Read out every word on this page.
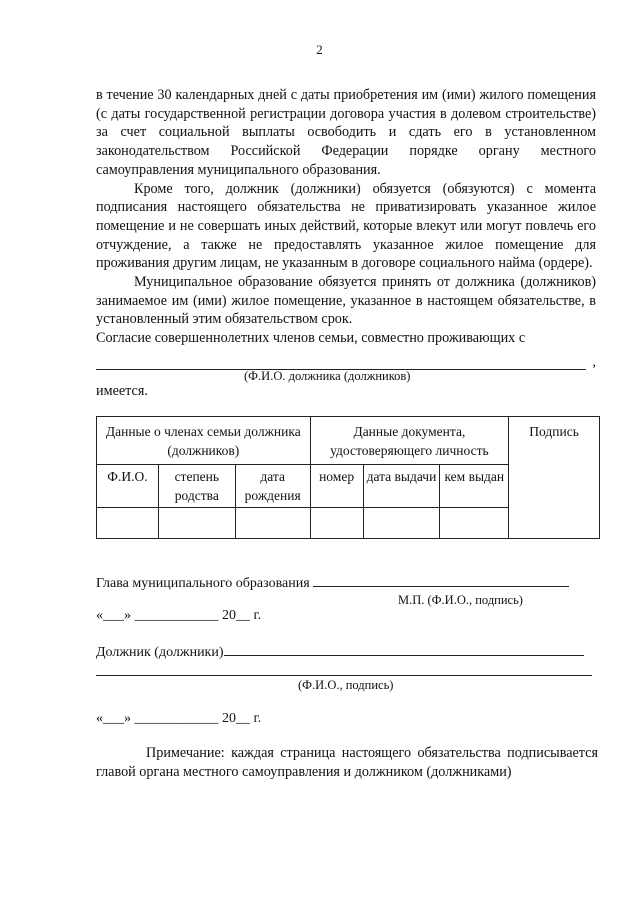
2

в течение 30 календарных дней с даты приобретения им (ими) жилого помещения (с даты государственной регистрации договора участия в долевом строительстве) за счет социальной выплаты освободить и сдать его в установленном законодательством Российской Федерации порядке органу местного самоуправления муниципального образования.

Кроме того, должник (должники) обязуется (обязуются) с момента подписания настоящего обязательства не приватизировать указанное жилое помещение и не совершать иных действий, которые влекут или могут повлечь его отчуждение, а также не предоставлять указанное жилое помещение для проживания другим лицам, не указанным в договоре социального найма (ордере).

Муниципальное образование обязуется принять от должника (должников) занимаемое им (ими) жилое помещение, указанное в настоящем обязательстве, в установленный этим обязательством срок.

Согласие совершеннолетних членов семьи, совместно проживающих с

,
(Ф.И.О. должника (должников)
имеется.
Данные о членах семьи должника (должников)			Данные документа, удостоверяющего личность			Подпись
Ф.И.О.	степень родства	дата рождения	номер	дата выдачи	кем выдан	

Глава муниципального образования
М.П. (Ф.И.О., подпись)
«___» ____________ 20__ г.
Должник (должники)
(Ф.И.О., подпись)
«___» ____________ 20__ г.

Примечание: каждая страница настоящего обязательства подписывается главой органа местного самоуправления и должником (должниками)
